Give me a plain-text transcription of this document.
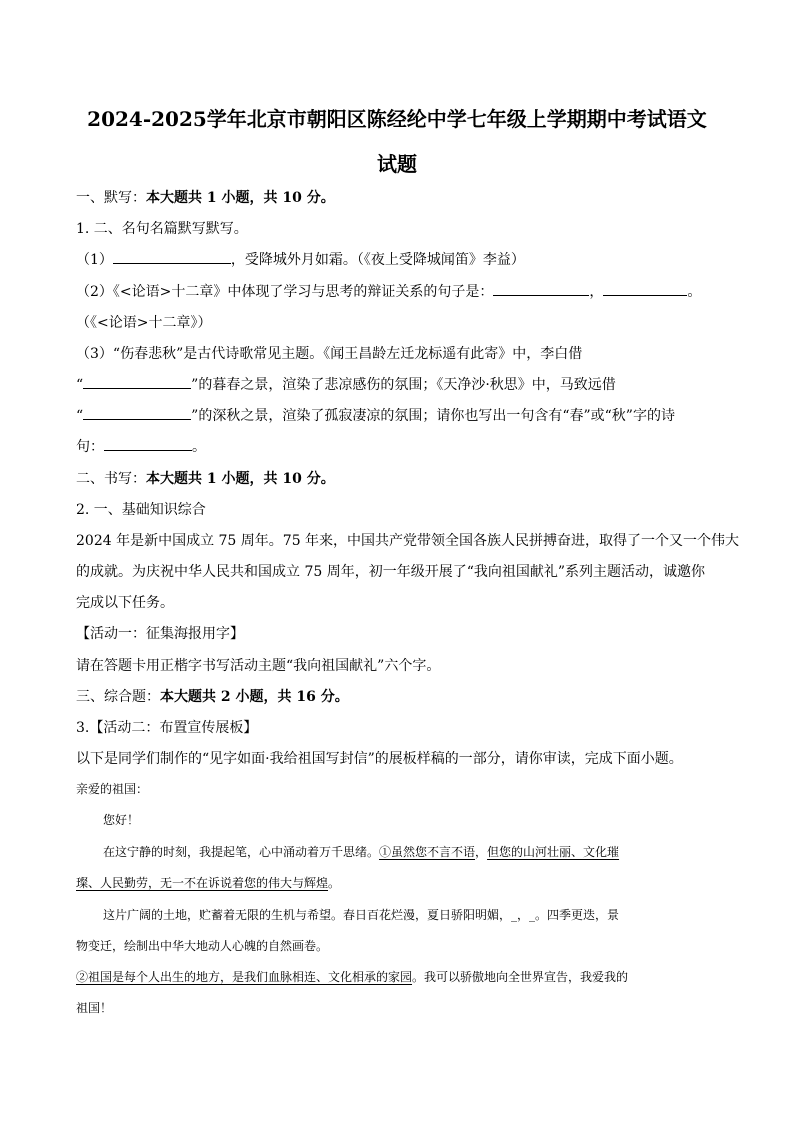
2024-2025学年北京市朝阳区陈经纶中学七年级上学期期中考试语文
试题
一、默写：本大题共 1 小题，共 10 分。
1. 二、名句名篇默写默写。
（1）	，受降城外月如霜。（《夜上受降城闻笛》李益）
（2）《<论语>十二章》中体现了学习与思考的辩证关系的句子是：	，	。
（《<论语>十二章》）
（3）“伤春悲秋”是古代诗歌常见主题。《闻王昌龄左迁龙标遥有此寄》中，李白借
“	”的暮春之景，渲染了悲凉感伤的氛围；《天净沙·秋思》中，马致远借
“	”的深秋之景，渲染了孤寂凄凉的氛围；请你也写出一句含有“春”或“秋”字的诗
句：	。
二、书写：本大题共 1 小题，共 10 分。
2. 一、基础知识综合
2024 年是新中国成立 75 周年。75 年来，中国共产党带领全国各族人民拼搏奋进，取得了一个又一个伟大
的成就。为庆祝中华人民共和国成立 75 周年，初一年级开展了“我向祖国献礼”系列主题活动，诚邀你
完成以下任务。
【活动一：征集海报用字】
请在答题卡用正楷字书写活动主题“我向祖国献礼”六个字。
三、综合题：本大题共 2 小题，共 16 分。
3.【活动二：布置宣传展板】
以下是同学们制作的“见字如面·我给祖国写封信”的展板样稿的一部分，请你审读，完成下面小题。
亲爱的祖国：
您好！
在这宁静的时刻，我提起笔，心中涌动着万千思绪。①虽然您不言不语，但您的山河壮丽、文化璀
璨、人民勤劳，无一不在诉说着您的伟大与辉煌。
这片广阔的土地，贮蓄着无限的生机与希望。春日百花烂漫，夏日骄阳明媚，_，_。四季更迭，景
物变迁，绘制出中华大地动人心魄的自然画卷。
②祖国是每个人出生的地方，是我们血脉相连、文化相承的家园。我可以骄傲地向全世界宣告，我爱我的
祖国！
